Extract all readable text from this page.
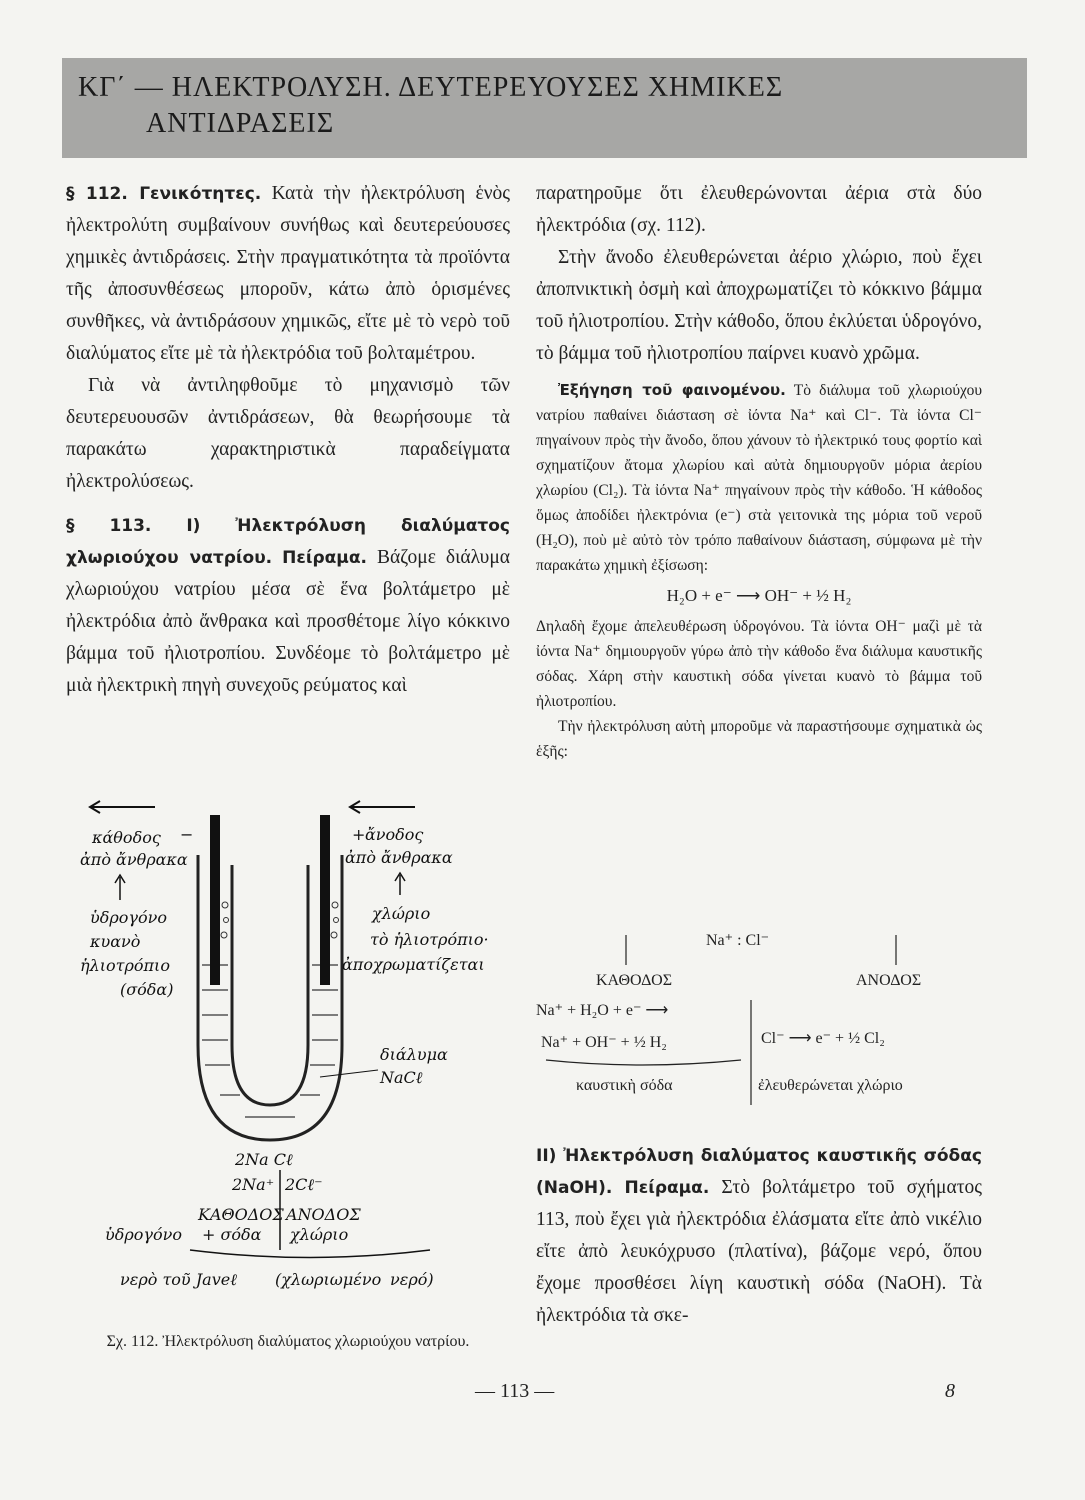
ΚΓ΄ — ΗΛΕΚΤΡΟΛΥΣΗ. ΔΕΥΤΕΡΕΥΟΥΣΕΣ ΧΗΜΙΚΕΣ
ΑΝΤΙΔΡΑΣΕΙΣ

§ 112. Γενικότητες. Κατὰ τὴν ἠλεκτρόλυση ἑνὸς ἠλεκτρολύτη συμβαίνουν συνήθως καὶ δευτερεύουσες χημικὲς ἀντιδράσεις. Στὴν πραγματικότητα τὰ προϊόντα τῆς ἀποσυνθέσεως μποροῦν, κάτω ἀπὸ ὁρισμένες συνθῆκες, νὰ ἀντιδράσουν χημικῶς, εἴτε μὲ τὸ νερὸ τοῦ διαλύματος εἴτε μὲ τὰ ἠλεκτρόδια τοῦ βολταμέτρου.

Γιὰ νὰ ἀντιληφθοῦμε τὸ μηχανισμὸ τῶν δευτερευουσῶν ἀντιδράσεων, θὰ θεωρήσουμε τὰ παρακάτω χαρακτηριστικὰ παραδείγματα ἠλεκτρολύσεως.

§ 113. Ι) Ἠλεκτρόλυση διαλύματος χλωριούχου νατρίου. Πείραμα. Βάζομε διάλυμα χλωριούχου νατρίου μέσα σὲ ἕνα βολτάμετρο μὲ ἠλεκτρόδια ἀπὸ ἄνθρακα καὶ προσθέτομε λίγο κόκκινο βάμμα τοῦ ἠλιοτροπίου. Συνδέομε τὸ βολτάμετρο μὲ μιὰ ἠλεκτρικὴ πηγὴ συνεχοῦς ρεύματος καὶ

κάθοδος −
ἀπὸ ἄνθρακα
ὑδρογόνο
κυανὸ
ἡλιοτρόπιο
(σόδα)
+ ἄνοδος
ἀπὸ ἄνθρακα
χλώριο
τὸ ἡλιοτρόπιο·
ἀποχρωματίζεται
διάλυμα
NaCℓ
2Na Cℓ
2Na⁺ 2Cℓ⁻
ΚΑΘΟΔΟΣ ΑΝΟΔΟΣ
ὑδρογόνο + σόδα χλώριο
νερὸ τοῦ Javeℓ (χλωριωμένο νερό)
Σχ. 112. Ἠλεκτρόλυση διαλύματος χλωριούχου νατρίου.

παρατηροῦμε ὅτι ἐλευθερώνονται ἀέρια στὰ δύο ἠλεκτρόδια (σχ. 112).

Στὴν ἄνοδο ἐλευθερώνεται ἀέριο χλώριο, ποὺ ἔχει ἀποπνικτικὴ ὀσμὴ καὶ ἀποχρωματίζει τὸ κόκκινο βάμμα τοῦ ἠλιοτροπίου. Στὴν κάθοδο, ὅπου ἐκλύεται ὑδρογόνο, τὸ βάμμα τοῦ ἠλιοτροπίου παίρνει κυανὸ χρῶμα.

Ἐξήγηση τοῦ φαινομένου. Τὸ διάλυμα τοῦ χλωριούχου νατρίου παθαίνει διάσταση σὲ ἰόντα Na⁺ καὶ Cl⁻. Τὰ ἰόντα Cl⁻ πηγαίνουν πρὸς τὴν ἄνοδο, ὅπου χάνουν τὸ ἠλεκτρικό τους φορτίο καὶ σχηματίζουν ἄτομα χλωρίου καὶ αὐτὰ δημιουργοῦν μόρια ἀερίου χλωρίου (Cl₂). Τὰ ἰόντα Na⁺ πηγαίνουν πρὸς τὴν κάθοδο. Ἡ κάθοδος ὅμως ἀποδίδει ἠλεκτρόνια (e⁻) στὰ γειτονικὰ της μόρια τοῦ νεροῦ (H₂O), ποὺ μὲ αὐτὸ τὸν τρόπο παθαίνουν διάσταση, σύμφωνα μὲ τὴν παρακάτω χημικὴ ἐξίσωση:

H₂O + e⁻ ⟶ OH⁻ + ½ H₂

Δηλαδὴ ἔχομε ἀπελευθέρωση ὑδρογόνου. Τὰ ἰόντα OH⁻ μαζὶ μὲ τὰ ἰόντα Na⁺ δημιουργοῦν γύρω ἀπὸ τὴν κάθοδο ἕνα διάλυμα καυστικῆς σόδας. Χάρη στὴν καυστικὴ σόδα γίνεται κυανὸ τὸ βάμμα τοῦ ἠλιοτροπίου.

Τὴν ἠλεκτρόλυση αὐτὴ μποροῦμε νὰ παραστήσουμε σχηματικὰ ὡς ἑξῆς:

Na⁺ : Cl⁻
ΚΑΘΟΔΟΣ	ΑΝΟΔΟΣ
Na⁺ + H₂O + e⁻ ⟶
Cl⁻ ⟶ e⁻ + ½ Cl₂
Na⁺ + OH⁻ + ½ H₂
καυστικὴ σόδα	ἐλευθερώνεται χλώριο

ΙΙ) Ἠλεκτρόλυση διαλύματος καυστικῆς σόδας (NaOH). Πείραμα. Στὸ βολτάμετρο τοῦ σχήματος 113, ποὺ ἔχει γιὰ ἠλεκτρόδια ἐλάσματα εἴτε ἀπὸ νικέλιο εἴτε ἀπὸ λευκόχρυσο (πλατίνα), βάζομε νερό, ὅπου ἔχομε προσθέσει λίγη καυστικὴ σόδα (NaOH). Τὰ ἠλεκτρόδια τὰ σκε-

— 113 —	8
